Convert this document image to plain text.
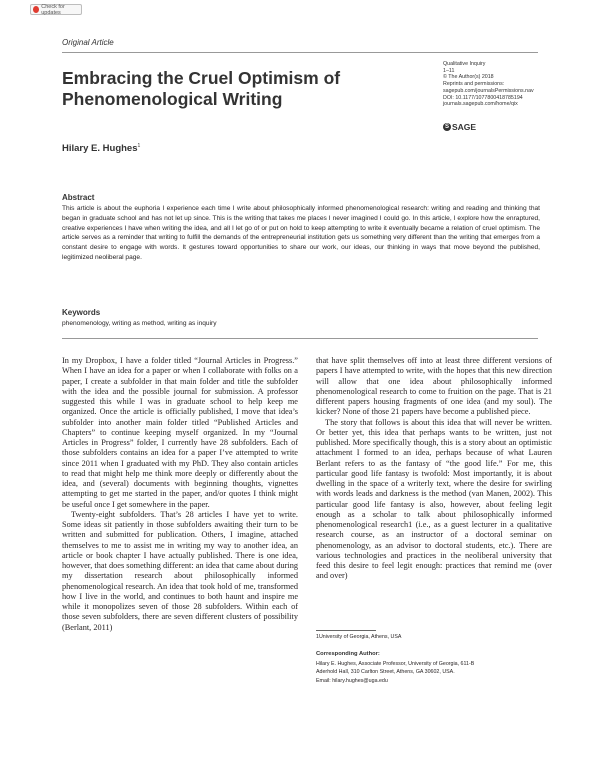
Check for updates
Original Article
Embracing the Cruel Optimism of Phenomenological Writing
Qualitative Inquiry
1–11
© The Author(s) 2018
Reprints and permissions:
sagepub.com/journalsPermissions.nav
DOI: 10.1177/1077800418785194
journals.sagepub.com/home/qix
S SAGE
Hilary E. Hughes$^1$
Abstract
This article is about the euphoria I experience each time I write about philosophically informed phenomenological research: writing and reading and thinking that began in graduate school and has not let up since. This is the writing that takes me places I never imagined I could go. In this article, I explore how the enraptured, creative experiences I have when writing the idea, and all I let go of or put on hold to keep attempting to write it eventually became a relation of cruel optimism. The article serves as a reminder that writing to fulfill the demands of the entrepreneurial institution gets us something very different than the writing that emerges from a constant desire to engage with words. It gestures toward opportunities to share our work, our ideas, our thinking in ways that move beyond the published, legitimized neoliberal page.
Keywords
phenomenology, writing as method, writing as inquiry

In my Dropbox, I have a folder titled “Journal Articles in Progress.” When I have an idea for a paper or when I collaborate with folks on a paper, I create a subfolder in that main folder and title the subfolder with the idea and the possible journal for submission. A professor suggested this while I was in graduate school to help keep me organized. Once the article is officially published, I move that idea’s subfolder into another main folder titled “Published Articles and Chapters” to continue keeping myself organized. In my “Journal Articles in Progress” folder, I currently have 28 subfolders. Each of those subfolders contains an idea for a paper I’ve attempted to write since 2011 when I graduated with my PhD. They also contain articles to read that might help me think more deeply or differently about the idea, and (several) documents with beginning thoughts, vignettes attempting to get me started in the paper, and/or quotes I think might be useful once I get somewhere in the paper.

Twenty-eight subfolders. That’s 28 articles I have yet to write. Some ideas sit patiently in those subfolders awaiting their turn to be written and submitted for publication. Others, I imagine, attached themselves to me to assist me in writing my way to another idea, an article or book chapter I have actually published. There is one idea, however, that does something different: an idea that came about during my dissertation research about philosophically informed phenomenological research. An idea that took hold of me, transformed how I live in the world, and continues to both haunt and inspire me while it monopolizes seven of those 28 subfolders. Within each of those seven subfolders, there are seven different clusters of possibility (Berlant, 2011)

that have split themselves off into at least three different versions of papers I have attempted to write, with the hopes that this new direction will allow that one idea about philosophically informed phenomenological research to come to fruition on the page. That is 21 different papers housing fragments of one idea (and my soul). The kicker? None of those 21 papers have become a published piece.

The story that follows is about this idea that will never be written. Or better yet, this idea that perhaps wants to be written, just not published. More specifically though, this is a story about an optimistic attachment I formed to an idea, perhaps because of what Lauren Berlant refers to as the fantasy of “the good life.” For me, this particular good life fantasy is twofold: Most importantly, it is about dwelling in the space of a writerly text, where the desire for swirling with words leads and darkness is the method (van Manen, 2002). This particular good life fantasy is also, however, about feeling legit enough as a scholar to talk about philosophically informed phenomenological research1 (i.e., as a guest lecturer in a qualitative research course, as an instructor of a doctoral seminar on phenomenology, as an advisor to doctoral students, etc.). There are various technologies and practices in the neoliberal university that feed this desire to feel legit enough: practices that remind me (over and over)

1University of Georgia, Athens, USA
Corresponding Author:
Hilary E. Hughes, Associate Professor, University of Georgia, 611-B
Aderhold Hall, 310 Carlton Street, Athens, GA 30602, USA.
Email: hilary.hughes@uga.edu
